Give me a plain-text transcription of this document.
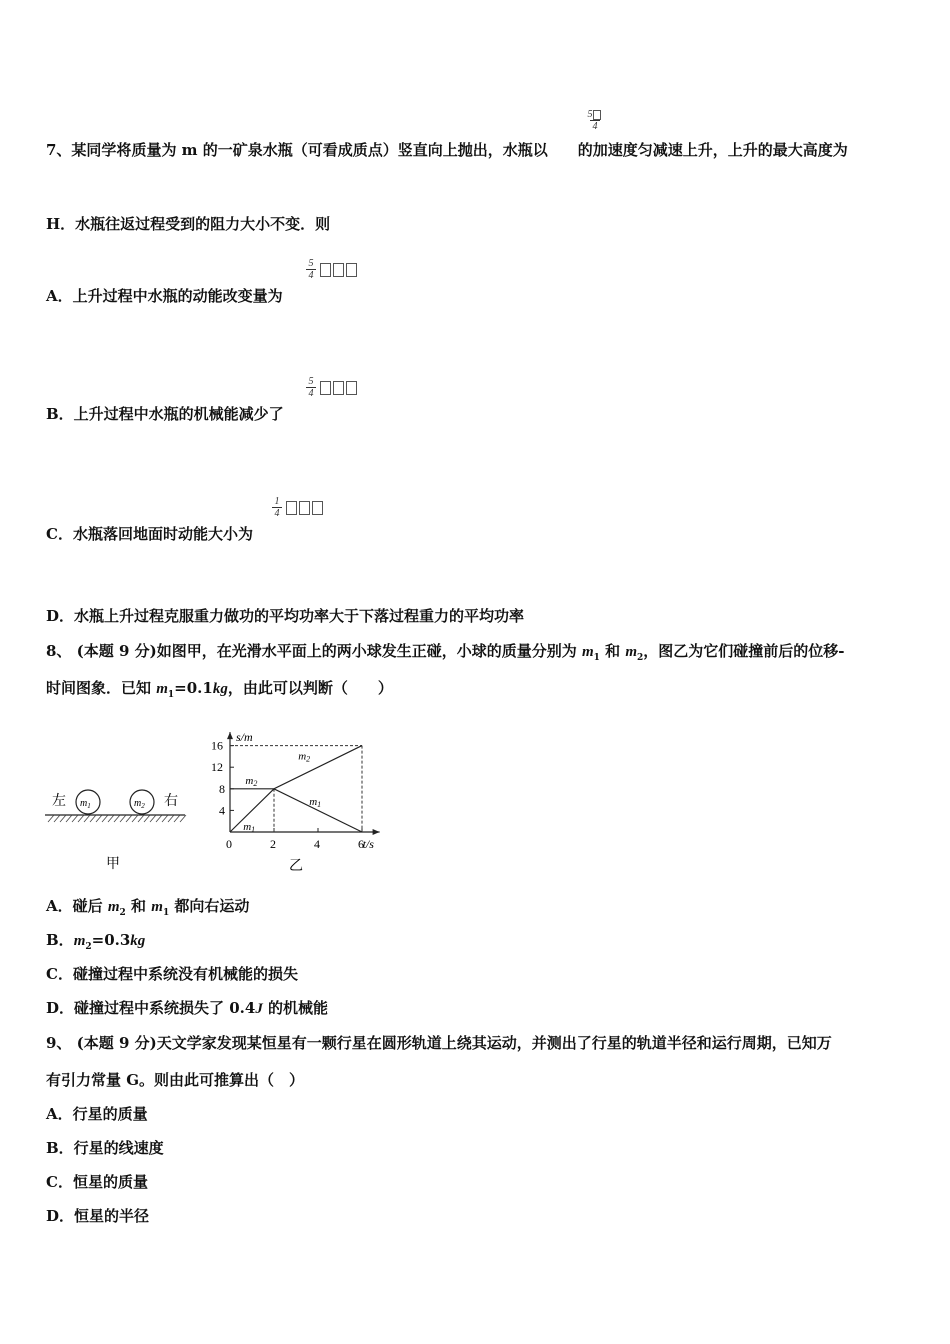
5
4
7、某同学将质量为 m 的一矿泉水瓶（可看成质点）竖直向上抛出，水瓶以 的加速度匀减速上升，上升的最大高度为
H．水瓶往返过程受到的阻力大小不变．则
5
4
A．上升过程中水瓶的动能改变量为
5
4
B．上升过程中水瓶的机械能减少了
1
4
C．水瓶落回地面时动能大小为
D．水瓶上升过程克服重力做功的平均功率大于下落过程重力的平均功率
8、 (本题 9 分)如图甲，在光滑水平面上的两小球发生正碰，小球的质量分别为 $m_1$ 和 $m_2$，图乙为它们碰撞前后的位移-
时间图象．已知 $m_1=0.1kg$，由此可以判断（　　）
左 $m_1$	$m_2$ 右
甲
t/s
s/m
0	2	4	6
4
8
12
16
m2
m2
m1
m1
乙
A．碰后 $m_2$ 和 $m_1$ 都向右运动
B．$m_2=0.3kg$
C．碰撞过程中系统没有机械能的损失
D．碰撞过程中系统损失了 0.4J 的机械能
9、 (本题 9 分)天文学家发现某恒星有一颗行星在圆形轨道上绕其运动，并测出了行星的轨道半径和运行周期，已知万
有引力常量 G。则由此可推算出（　）
A．行星的质量
B．行星的线速度
C．恒星的质量
D．恒星的半径
